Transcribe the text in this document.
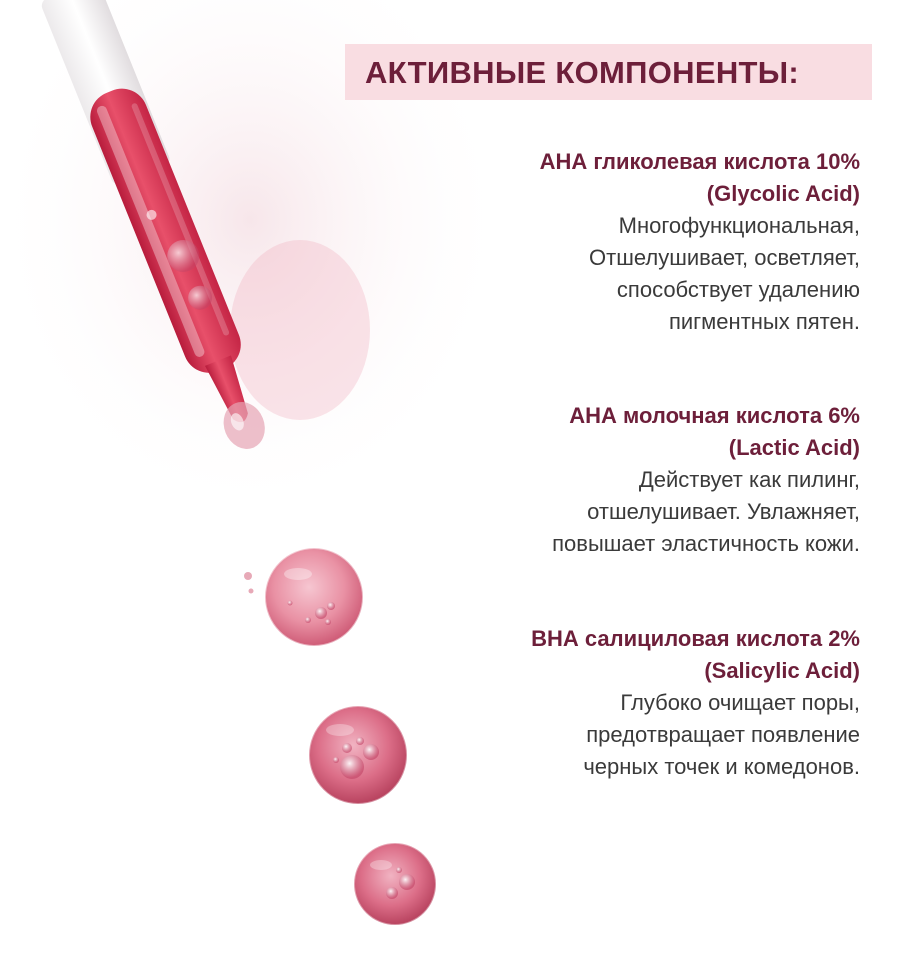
АКТИВНЫЕ КОМПОНЕНТЫ:
АНА гликолевая кислота 10%
(Glycolic Acid)
Многофункциональная,
Отшелушивает, осветляет,
способствует удалению
пигментных пятен.
АНА молочная кислота 6%
(Lactic Acid)
Действует как пилинг,
отшелушивает. Увлажняет,
повышает эластичность кожи.
ВНА салициловая кислота 2%
(Salicylic Acid)
Глубоко очищает поры,
предотвращает появление
черных точек и комедонов.
